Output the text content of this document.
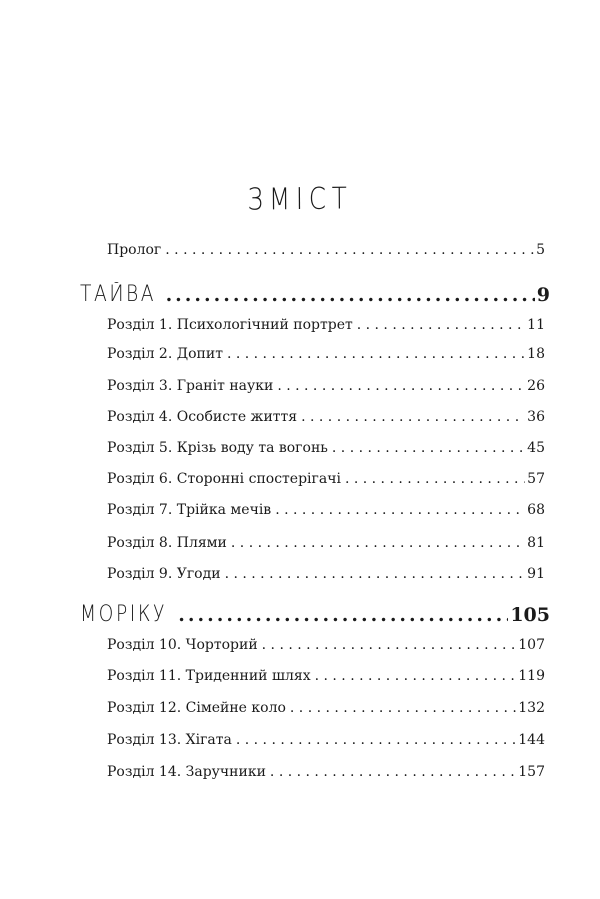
ЗМІСТ
Пролог . . .	5
ТАЙВА .....	9
Розділ 1. Психологічний портрет . . .	11
Розділ 2. Допит . . .	18
Розділ 3. Граніт науки . . .	26
Розділ 4. Особисте життя . . .	36
Розділ 5. Крізь воду та вогонь . . .	45
Розділ 6. Сторонні спостерігачі . . .	57
Розділ 7. Трійка мечів . . .	68
Розділ 8. Плями . . .	81
Розділ 9. Угоди . . .	91
МОРІКУ .....	105
Розділ 10. Чорторий . . .	107
Розділ 11. Триденний шлях . . .	119
Розділ 12. Сімейне коло . . .	132
Розділ 13. Хігата . . .	144
Розділ 14. Заручники . . .	157
